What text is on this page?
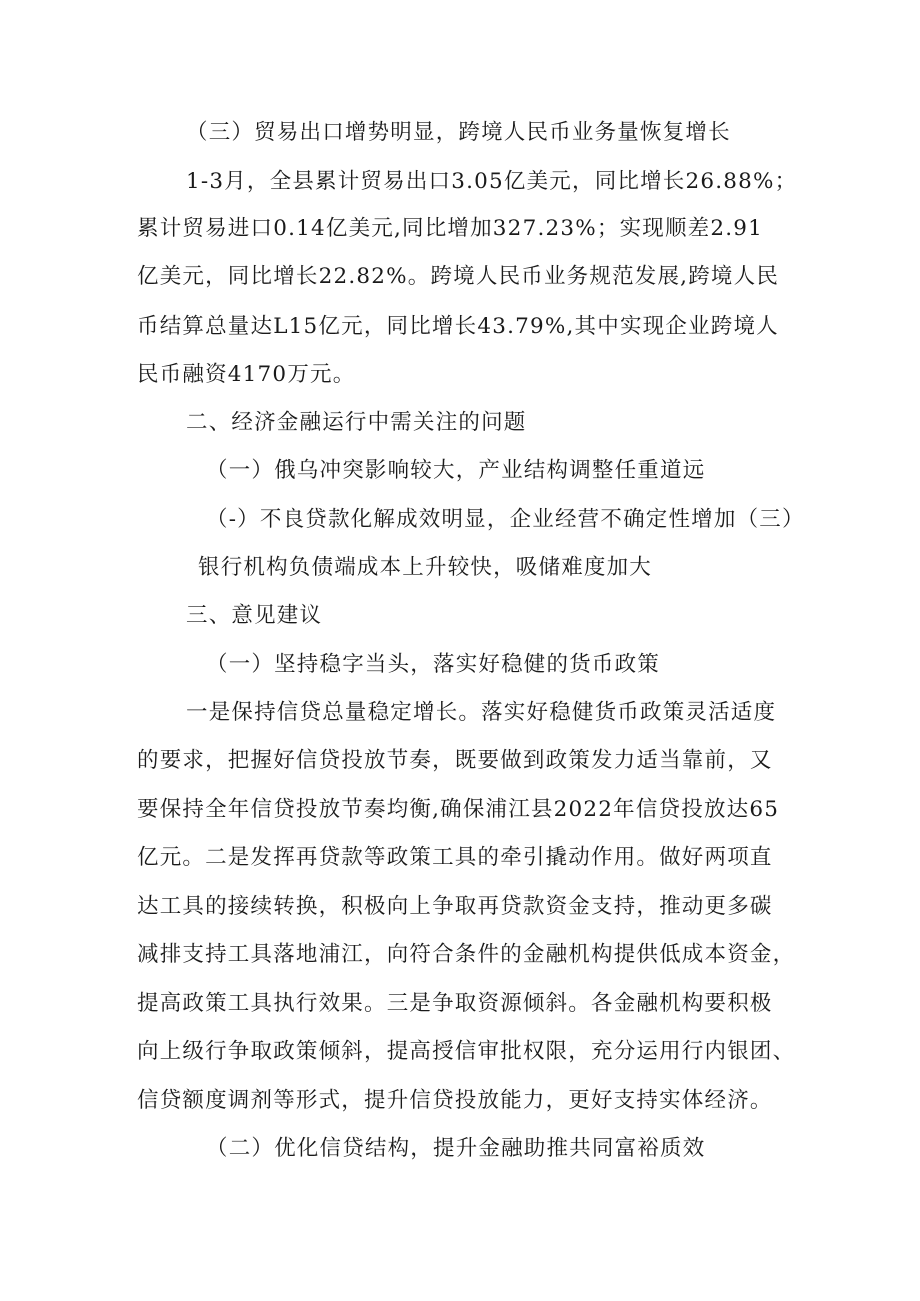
（三）贸易出口增势明显，跨境人民币业务量恢复增长
1-3月，全县累计贸易出口3.05亿美元，同比增长26.88%；
累计贸易进口0.14亿美元,同比增加327.23%；实现顺差2.91
亿美元，同比增长22.82%。跨境人民币业务规范发展,跨境人民
币结算总量达L15亿元，同比增长43.79%,其中实现企业跨境人
民币融资4170万元。
二、经济金融运行中需关注的问题
（一）俄乌冲突影响较大，产业结构调整任重道远
（-）不良贷款化解成效明显，企业经营不确定性增加（三）
银行机构负债端成本上升较快，吸储难度加大
三、意见建议
（一）坚持稳字当头，落实好稳健的货币政策
一是保持信贷总量稳定增长。落实好稳健货币政策灵活适度
的要求，把握好信贷投放节奏，既要做到政策发力适当靠前，又
要保持全年信贷投放节奏均衡,确保浦江县2022年信贷投放达65
亿元。二是发挥再贷款等政策工具的牵引撬动作用。做好两项直
达工具的接续转换，积极向上争取再贷款资金支持，推动更多碳
减排支持工具落地浦江，向符合条件的金融机构提供低成本资金，
提高政策工具执行效果。三是争取资源倾斜。各金融机构要积极
向上级行争取政策倾斜，提高授信审批权限，充分运用行内银团、
信贷额度调剂等形式，提升信贷投放能力，更好支持实体经济。
（二）优化信贷结构，提升金融助推共同富裕质效
